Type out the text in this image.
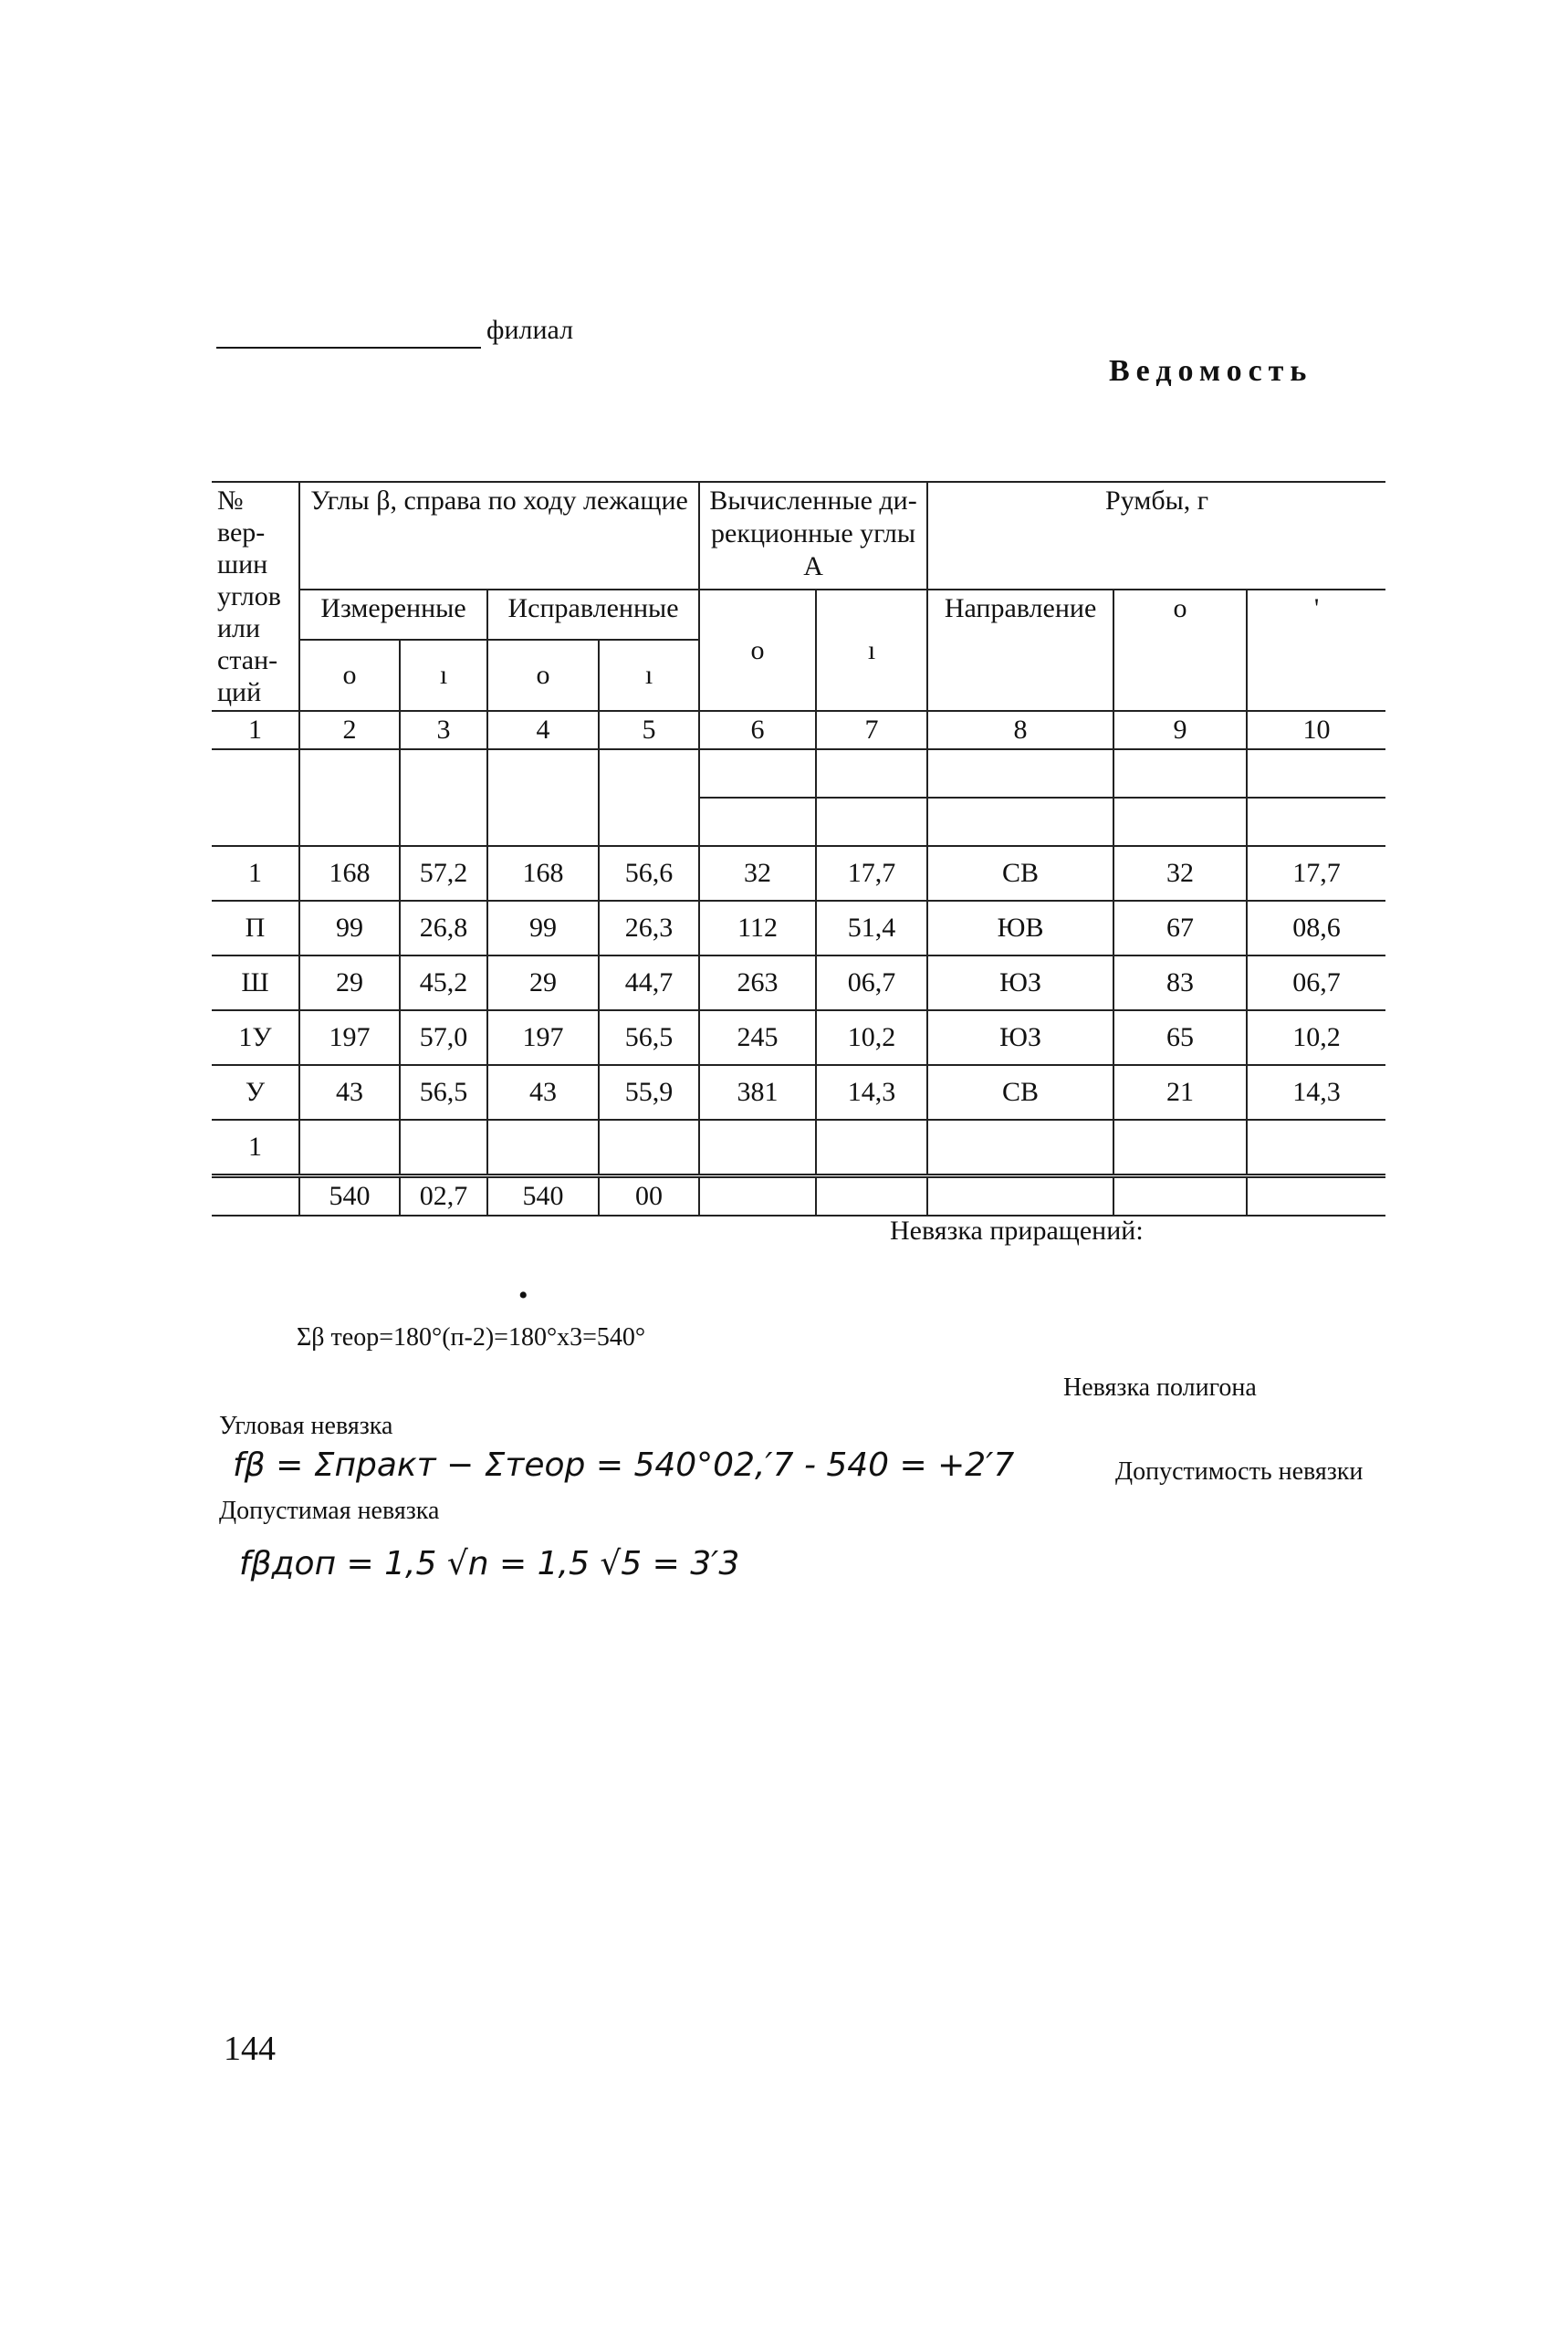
филиал
Ведомость
№ вер- шин углов или стан- ций	Углы β, справа по ходу лежащие				Вычисленные ди- рекционные углы А		Румбы, г		
	Измеренные		Исправленные		о	ı	Направление	о	'
	о	ı	о	ı					
1	2	3	4	5	6	7	8	9	10

1	168	57,2	168	56,6	32	17,7	СВ	32	17,7
П	99	26,8	99	26,3	112	51,4	ЮВ	67	08,6
Ш	29	45,2	29	44,7	263	06,7	ЮЗ	83	06,7
1У	197	57,0	197	56,5	245	10,2	ЮЗ	65	10,2
У	43	56,5	43	55,9	381	14,3	СВ	21	14,3
1									
	540	02,7	540	00					
Невязка приращений:
•
Σβ теор=180°(п-2)=180°х3=540°
Угловая невязка
fβ = Σпракт − Σтеор = 540°02,′7 - 540 = +2′7
Допустимая невязка
fβдоп = 1,5 √n = 1,5 √5 = 3′3
Невязка полигона
Допустимость невязки
144
